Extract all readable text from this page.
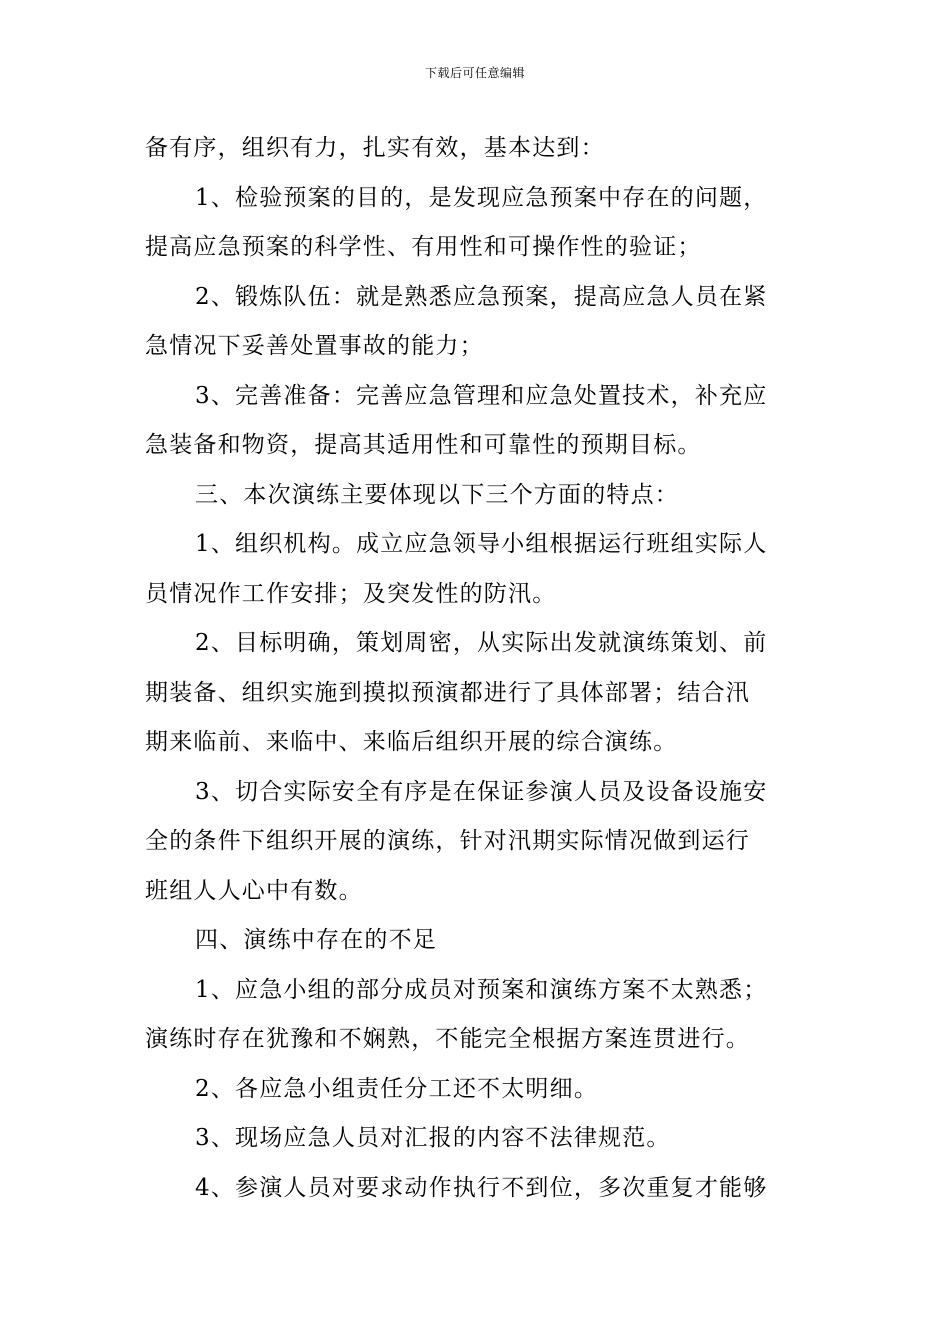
下载后可任意编辑
备有序，组织有力，扎实有效，基本达到：
1、检验预案的目的，是发现应急预案中存在的问题，
提高应急预案的科学性、有用性和可操作性的验证；
2、锻炼队伍：就是熟悉应急预案，提高应急人员在紧
急情况下妥善处置事故的能力；
3、完善准备：完善应急管理和应急处置技术，补充应
急装备和物资，提高其适用性和可靠性的预期目标。
三、本次演练主要体现以下三个方面的特点：
1、组织机构。成立应急领导小组根据运行班组实际人
员情况作工作安排；及突发性的防汛。
2、目标明确，策划周密，从实际出发就演练策划、前
期装备、组织实施到摸拟预演都进行了具体部署；结合汛
期来临前、来临中、来临后组织开展的综合演练。
3、切合实际安全有序是在保证参演人员及设备设施安
全的条件下组织开展的演练，针对汛期实际情况做到运行
班组人人心中有数。
四、演练中存在的不足
1、应急小组的部分成员对预案和演练方案不太熟悉；
演练时存在犹豫和不娴熟，不能完全根据方案连贯进行。
2、各应急小组责任分工还不太明细。
3、现场应急人员对汇报的内容不法律规范。
4、参演人员对要求动作执行不到位，多次重复才能够
